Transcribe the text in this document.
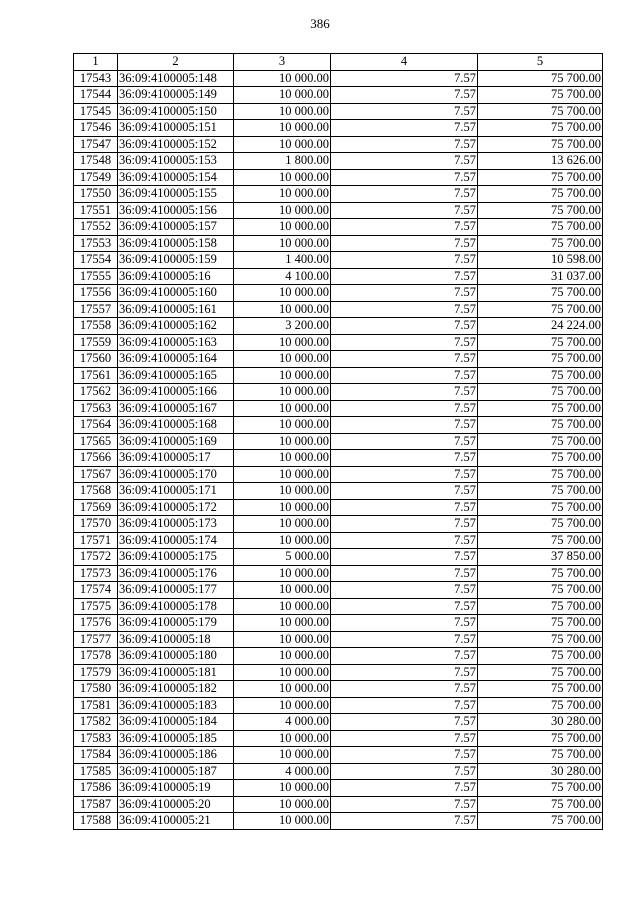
386
1	2	3	4	5
17543	36:09:4100005:148	10 000.00	7.57	75 700.00
17544	36:09:4100005:149	10 000.00	7.57	75 700.00
17545	36:09:4100005:150	10 000.00	7.57	75 700.00
17546	36:09:4100005:151	10 000.00	7.57	75 700.00
17547	36:09:4100005:152	10 000.00	7.57	75 700.00
17548	36:09:4100005:153	1 800.00	7.57	13 626.00
17549	36:09:4100005:154	10 000.00	7.57	75 700.00
17550	36:09:4100005:155	10 000.00	7.57	75 700.00
17551	36:09:4100005:156	10 000.00	7.57	75 700.00
17552	36:09:4100005:157	10 000.00	7.57	75 700.00
17553	36:09:4100005:158	10 000.00	7.57	75 700.00
17554	36:09:4100005:159	1 400.00	7.57	10 598.00
17555	36:09:4100005:16	4 100.00	7.57	31 037.00
17556	36:09:4100005:160	10 000.00	7.57	75 700.00
17557	36:09:4100005:161	10 000.00	7.57	75 700.00
17558	36:09:4100005:162	3 200.00	7.57	24 224.00
17559	36:09:4100005:163	10 000.00	7.57	75 700.00
17560	36:09:4100005:164	10 000.00	7.57	75 700.00
17561	36:09:4100005:165	10 000.00	7.57	75 700.00
17562	36:09:4100005:166	10 000.00	7.57	75 700.00
17563	36:09:4100005:167	10 000.00	7.57	75 700.00
17564	36:09:4100005:168	10 000.00	7.57	75 700.00
17565	36:09:4100005:169	10 000.00	7.57	75 700.00
17566	36:09:4100005:17	10 000.00	7.57	75 700.00
17567	36:09:4100005:170	10 000.00	7.57	75 700.00
17568	36:09:4100005:171	10 000.00	7.57	75 700.00
17569	36:09:4100005:172	10 000.00	7.57	75 700.00
17570	36:09:4100005:173	10 000.00	7.57	75 700.00
17571	36:09:4100005:174	10 000.00	7.57	75 700.00
17572	36:09:4100005:175	5 000.00	7.57	37 850.00
17573	36:09:4100005:176	10 000.00	7.57	75 700.00
17574	36:09:4100005:177	10 000.00	7.57	75 700.00
17575	36:09:4100005:178	10 000.00	7.57	75 700.00
17576	36:09:4100005:179	10 000.00	7.57	75 700.00
17577	36:09:4100005:18	10 000.00	7.57	75 700.00
17578	36:09:4100005:180	10 000.00	7.57	75 700.00
17579	36:09:4100005:181	10 000.00	7.57	75 700.00
17580	36:09:4100005:182	10 000.00	7.57	75 700.00
17581	36:09:4100005:183	10 000.00	7.57	75 700.00
17582	36:09:4100005:184	4 000.00	7.57	30 280.00
17583	36:09:4100005:185	10 000.00	7.57	75 700.00
17584	36:09:4100005:186	10 000.00	7.57	75 700.00
17585	36:09:4100005:187	4 000.00	7.57	30 280.00
17586	36:09:4100005:19	10 000.00	7.57	75 700.00
17587	36:09:4100005:20	10 000.00	7.57	75 700.00
17588	36:09:4100005:21	10 000.00	7.57	75 700.00
